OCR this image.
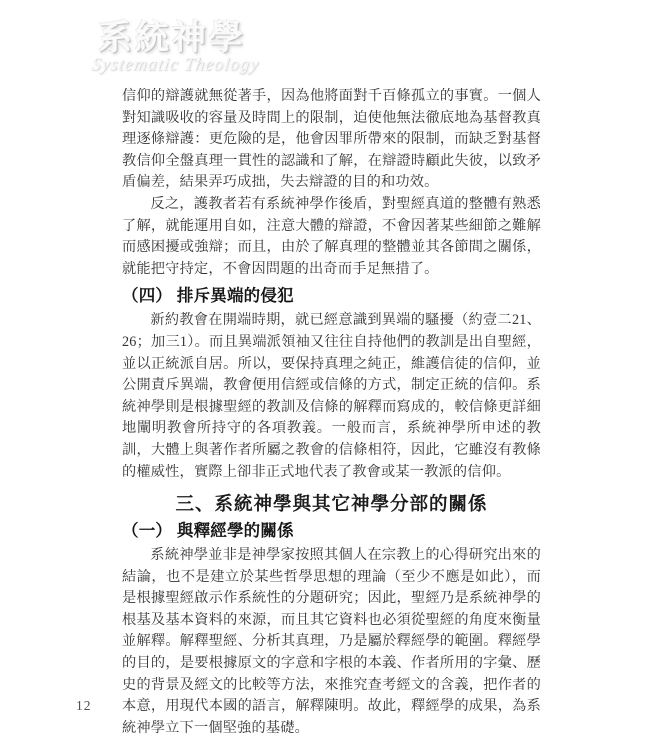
系統神學
Systematic Theology

信仰的辯護就無從著手，因為他將面對千百條孤立的事實。一個人對知識吸收的容量及時間上的限制，迫使他無法徹底地為基督教真理逐條辯護：更危險的是，他會因罪所帶來的限制，而缺乏對基督教信仰全盤真理一貫性的認識和了解，在辯證時顧此失彼，以致矛盾偏差，結果弄巧成拙，失去辯證的目的和功效。

反之，護教者若有系統神學作後盾，對聖經真道的整體有熟悉了解，就能運用自如，注意大體的辯證，不會因著某些細節之難解而感困擾或強辯；而且，由於了解真理的整體並其各節間之關係，就能把守持定，不會因問題的出奇而手足無措了。

（四） 排斥異端的侵犯

新約教會在開端時期，就已經意識到異端的騷擾（約壹二21、26；加三1）。而且異端派領袖又往往自持他們的教訓是出自聖經，並以正統派自居。所以，要保持真理之純正，維護信徒的信仰，並公開責斥異端，教會便用信經或信條的方式，制定正統的信仰。系統神學則是根據聖經的教訓及信條的解釋而寫成的，較信條更詳細地闡明教會所持守的各項教義。一般而言，系統神學所申述的教訓，大體上與著作者所屬之教會的信條相符，因此，它雖沒有教條的權威性，實際上卻非正式地代表了教會或某一教派的信仰。

三、系統神學與其它神學分部的關係
（一） 與釋經學的關係

系統神學並非是神學家按照其個人在宗教上的心得研究出來的結論，也不是建立於某些哲學思想的理論（至少不應是如此），而是根據聖經啟示作系統性的分題研究；因此，聖經乃是系統神學的根基及基本資料的來源，而且其它資料也必須從聖經的角度來衡量並解釋。解釋聖經、分析其真理，乃是屬於釋經學的範圍。釋經學的目的，是要根據原文的字意和字根的本義、作者所用的字彙、歷史的背景及經文的比較等方法，來推究查考經文的含義，把作者的本意，用現代本國的語言，解釋陳明。故此，釋經學的成果，為系統神學立下一個堅強的基礎。

12
